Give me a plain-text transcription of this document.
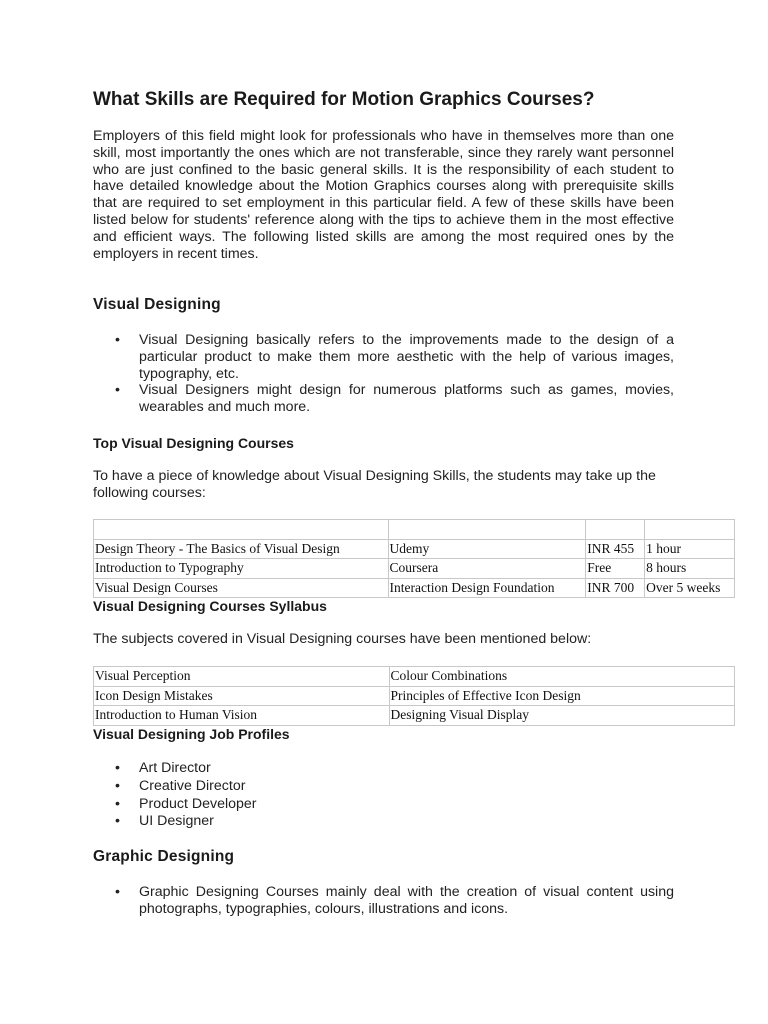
What Skills are Required for Motion Graphics Courses?

Employers of this field might look for professionals who have in themselves more than one skill, most importantly the ones which are not transferable, since they rarely want personnel who are just confined to the basic general skills. It is the responsibility of each student to have detailed knowledge about the Motion Graphics courses along with prerequisite skills that are required to set employment in this particular field. A few of these skills have been listed below for students' reference along with the tips to achieve them in the most effective and efficient ways. The following listed skills are among the most required ones by the employers in recent times.

Visual Designing
• Visual Designing basically refers to the improvements made to the design of a particular product to make them more aesthetic with the help of various images, typography, etc.
• Visual Designers might design for numerous platforms such as games, movies, wearables and much more.
Top Visual Designing Courses

To have a piece of knowledge about Visual Designing Skills, the students may take up the following courses:

Design Theory - The Basics of Visual Design	Udemy	INR 455	1 hour
Introduction to Typography	Coursera	Free	8 hours
Visual Design Courses	Interaction Design Foundation	INR 700	Over 5 weeks
Visual Designing Courses Syllabus

The subjects covered in Visual Designing courses have been mentioned below:

Visual Perception	Colour Combinations
Icon Design Mistakes	Principles of Effective Icon Design
Introduction to Human Vision	Designing Visual Display
Visual Designing Job Profiles
• Art Director
• Creative Director
• Product Developer
• UI Designer
Graphic Designing
• Graphic Designing Courses mainly deal with the creation of visual content using photographs, typographies, colours, illustrations and icons.
